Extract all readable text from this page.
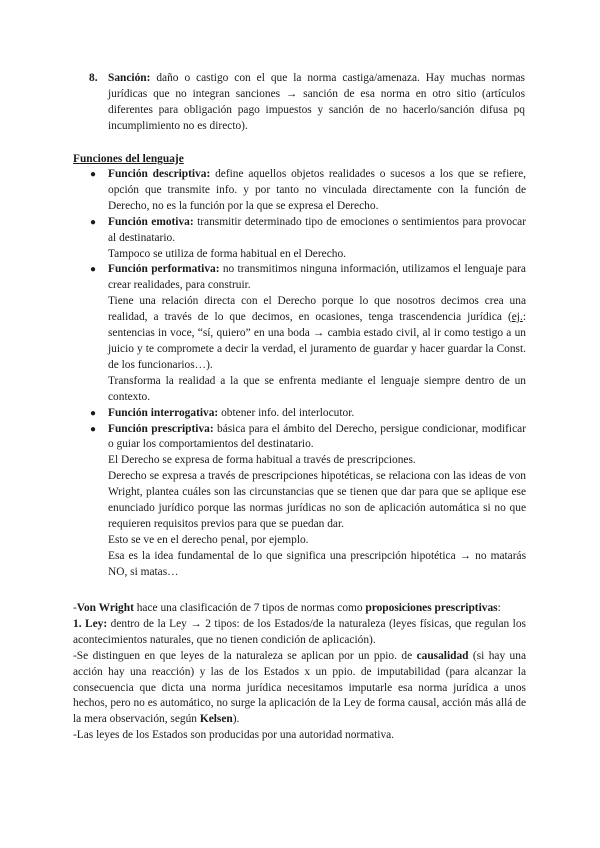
8. Sanción: daño o castigo con el que la norma castiga/amenaza. Hay muchas normas jurídicas que no integran sanciones → sanción de esa norma en otro sitio (artículos diferentes para obligación pago impuestos y sanción de no hacerlo/sanción difusa pq incumplimiento no es directo).
Funciones del lenguaje
● Función descriptiva: define aquellos objetos realidades o sucesos a los que se refiere, opción que transmite info. y por tanto no vinculada directamente con la función de Derecho, no es la función por la que se expresa el Derecho.
● Función emotiva: transmitir determinado tipo de emociones o sentimientos para provocar al destinatario.
Tampoco se utiliza de forma habitual en el Derecho.
● Función performativa: no transmitimos ninguna información, utilizamos el lenguaje para crear realidades, para construir.
Tiene una relación directa con el Derecho porque lo que nosotros decimos crea una realidad, a través de lo que decimos, en ocasiones, tenga trascendencia jurídica (ej.: sentencias in voce, “sí, quiero” en una boda → cambia estado civil, al ir como testigo a un juicio y te compromete a decir la verdad, el juramento de guardar y hacer guardar la Const. de los funcionarios…).
Transforma la realidad a la que se enfrenta mediante el lenguaje siempre dentro de un contexto.
● Función interrogativa: obtener info. del interlocutor.
● Función prescriptiva: básica para el ámbito del Derecho, persigue condicionar, modificar o guiar los comportamientos del destinatario.
El Derecho se expresa de forma habitual a través de prescripciones.
Derecho se expresa a través de prescripciones hipotéticas, se relaciona con las ideas de von Wright, plantea cuáles son las circunstancias que se tienen que dar para que se aplique ese enunciado jurídico porque las normas jurídicas no son de aplicación automática si no que requieren requisitos previos para que se puedan dar.
Esto se ve en el derecho penal, por ejemplo.
Esa es la idea fundamental de lo que significa una prescripción hipotética → no matarás NO, si matas…
-Von Wright hace una clasificación de 7 tipos de normas como proposiciones prescriptivas:
1. Ley: dentro de la Ley → 2 tipos: de los Estados/de la naturaleza (leyes físicas, que regulan los acontecimientos naturales, que no tienen condición de aplicación).
-Se distinguen en que leyes de la naturaleza se aplican por un ppio. de causalidad (si hay una acción hay una reacción) y las de los Estados x un ppio. de imputabilidad (para alcanzar la consecuencia que dicta una norma jurídica necesitamos imputarle esa norma jurídica a unos hechos, pero no es automático, no surge la aplicación de la Ley de forma causal, acción más allá de la mera observación, según Kelsen).
-Las leyes de los Estados son producidas por una autoridad normativa.
